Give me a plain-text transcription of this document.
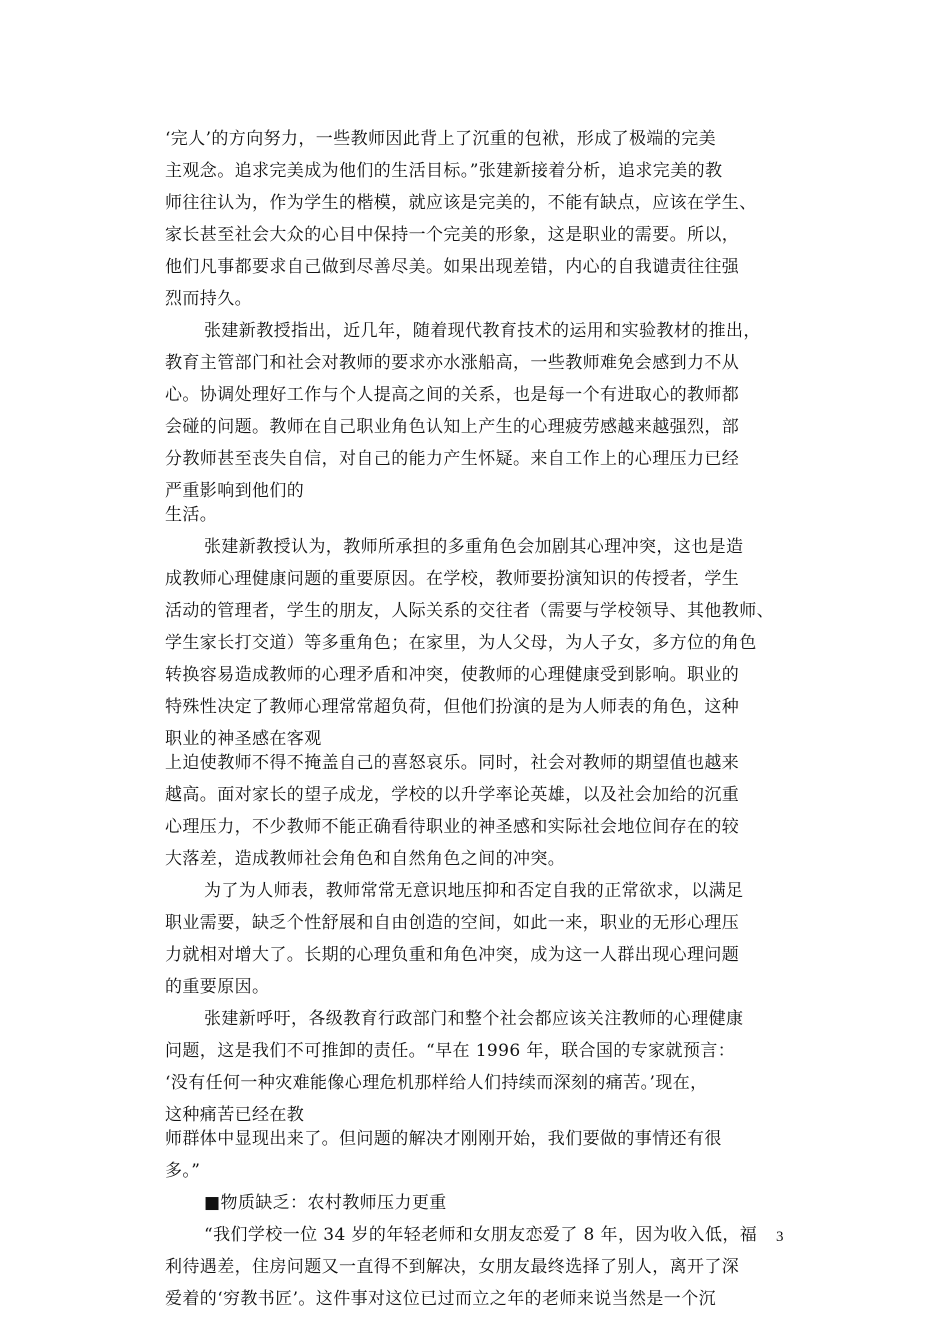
‘完人’的方向努力，一些教师因此背上了沉重的包袱，形成了极端的完美
主观念。追求完美成为他们的生活目标。”张建新接着分析，追求完美的教
师往往认为，作为学生的楷模，就应该是完美的，不能有缺点，应该在学生、
家长甚至社会大众的心目中保持一个完美的形象，这是职业的需要。所以，
他们凡事都要求自己做到尽善尽美。如果出现差错，内心的自我谴责往往强
烈而持久。
张建新教授指出，近几年，随着现代教育技术的运用和实验教材的推出，
教育主管部门和社会对教师的要求亦水涨船高，一些教师难免会感到力不从
心。协调处理好工作与个人提高之间的关系，也是每一个有进取心的教师都
会碰的问题。教师在自己职业角色认知上产生的心理疲劳感越来越强烈，部
分教师甚至丧失自信，对自己的能力产生怀疑。来自工作上的心理压力已经
严重影响到他们的
生活。
张建新教授认为，教师所承担的多重角色会加剧其心理冲突，这也是造
成教师心理健康问题的重要原因。在学校，教师要扮演知识的传授者，学生
活动的管理者，学生的朋友，人际关系的交往者（需要与学校领导、其他教师、
学生家长打交道）等多重角色；在家里，为人父母，为人子女，多方位的角色
转换容易造成教师的心理矛盾和冲突，使教师的心理健康受到影响。职业的
特殊性决定了教师心理常常超负荷，但他们扮演的是为人师表的角色，这种
职业的神圣感在客观
上迫使教师不得不掩盖自己的喜怒哀乐。同时，社会对教师的期望值也越来
越高。面对家长的望子成龙，学校的以升学率论英雄，以及社会加给的沉重
心理压力，不少教师不能正确看待职业的神圣感和实际社会地位间存在的较
大落差，造成教师社会角色和自然角色之间的冲突。
为了为人师表，教师常常无意识地压抑和否定自我的正常欲求，以满足
职业需要，缺乏个性舒展和自由创造的空间，如此一来，职业的无形心理压
力就相对增大了。长期的心理负重和角色冲突，成为这一人群出现心理问题
的重要原因。
张建新呼吁，各级教育行政部门和整个社会都应该关注教师的心理健康
问题，这是我们不可推卸的责任。“早在 1996 年，联合国的专家就预言：
‘没有任何一种灾难能像心理危机那样给人们持续而深刻的痛苦。’现在，
这种痛苦已经在教
师群体中显现出来了。但问题的解决才刚刚开始，我们要做的事情还有很
多。”
■物质缺乏：农村教师压力更重
“我们学校一位 34 岁的年轻老师和女朋友恋爱了 8 年，因为收入低，福
利待遇差，住房问题又一直得不到解决，女朋友最终选择了别人，离开了深
爱着的‘穷教书匠’。这件事对这位已过而立之年的老师来说当然是一个沉
3
